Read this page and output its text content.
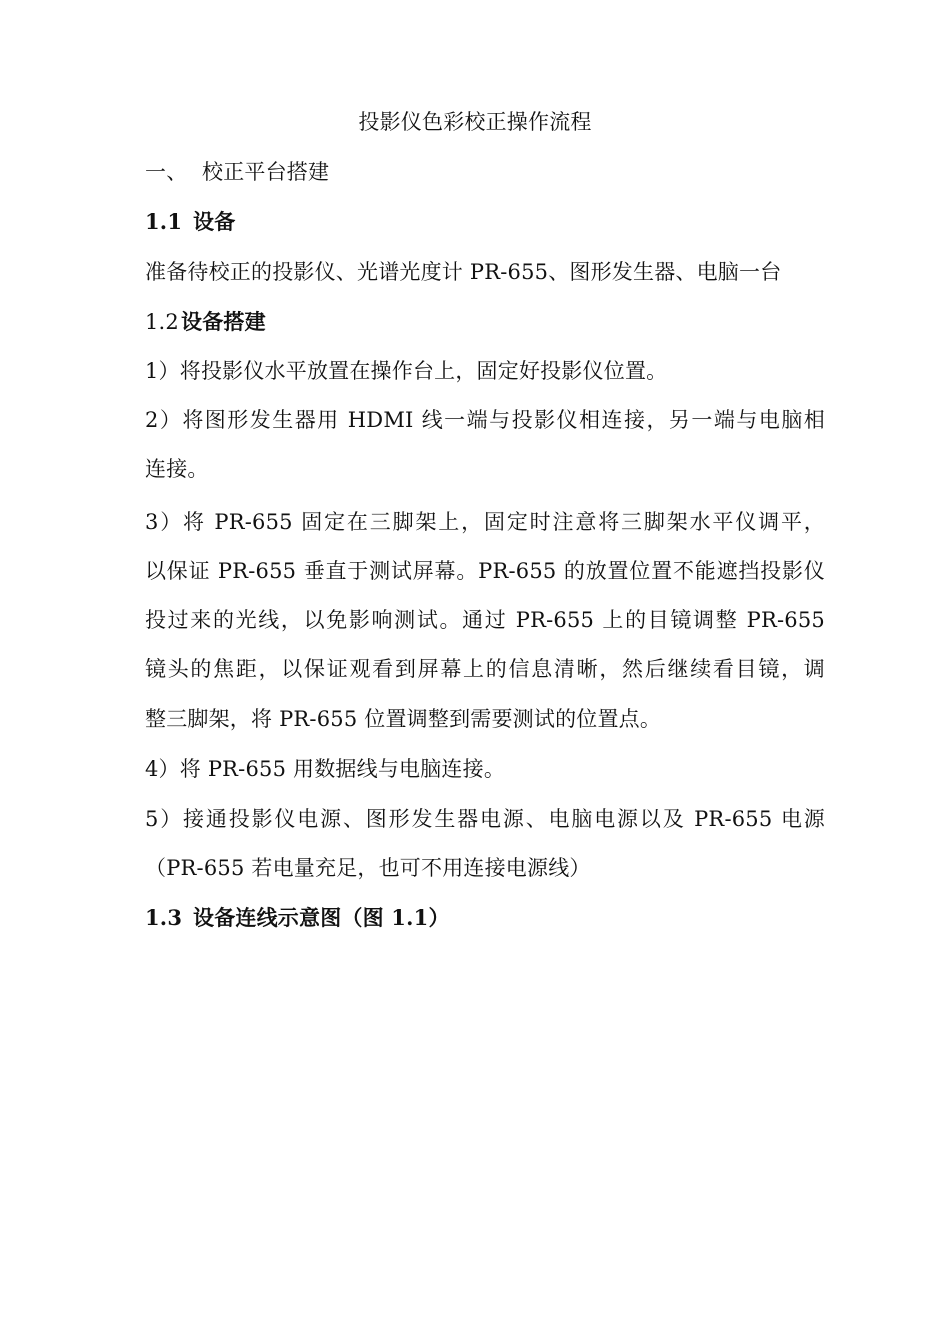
投影仪色彩校正操作流程
一、 校正平台搭建
1.1 设备
准备待校正的投影仪、光谱光度计 PR-655、图形发生器、电脑一台
1.2设备搭建
1）将投影仪水平放置在操作台上，固定好投影仪位置。
2）将图形发生器用 HDMI 线一端与投影仪相连接，另一端与电脑相
连接。
3）将 PR-655 固定在三脚架上，固定时注意将三脚架水平仪调平，
以保证 PR-655 垂直于测试屏幕。PR-655 的放置位置不能遮挡投影仪
投过来的光线，以免影响测试。通过 PR-655 上的目镜调整 PR-655
镜头的焦距，以保证观看到屏幕上的信息清晰，然后继续看目镜，调
整三脚架，将 PR-655 位置调整到需要测试的位置点。
4）将 PR-655 用数据线与电脑连接。
5）接通投影仪电源、图形发生器电源、电脑电源以及 PR-655 电源
（PR-655 若电量充足，也可不用连接电源线）
1.3 设备连线示意图（图 1.1）
